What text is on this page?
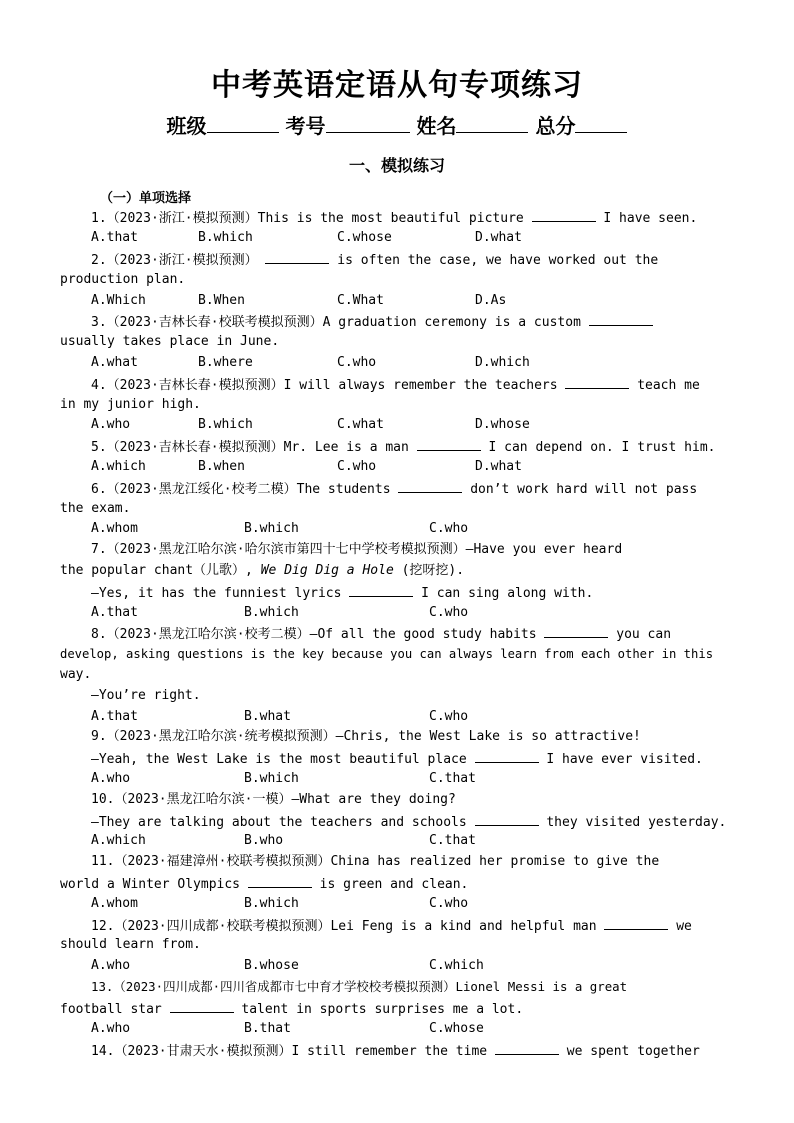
中考英语定语从句专项练习
班级	考号	姓名	总分
一、模拟练习
（一）单项选择
1.（2023·浙江·模拟预测）This is the most beautiful picture	I have seen.
A.that	B.which	C.whose	D.what
2.（2023·浙江·模拟预测）	is often the case, we have worked out the
production plan.
A.Which	B.When	C.What	D.As
3.（2023·吉林长春·校联考模拟预测）A graduation ceremony is a custom
usually takes place in June.
A.what	B.where	C.who	D.which
4.（2023·吉林长春·模拟预测）I will always remember the teachers	teach me
in my junior high.
A.who	B.which	C.what	D.whose
5.（2023·吉林长春·模拟预测）Mr. Lee is a man	I can depend on. I trust him.
A.which	B.when	C.who	D.what
6.（2023·黑龙江绥化·校考二模）The students	don’t work hard will not pass
the exam.
A.whom	B.which	C.who
7.（2023·黑龙江哈尔滨·哈尔滨市第四十七中学校考模拟预测）—Have you ever heard
the popular chant（儿歌）, We Dig Dig a Hole (挖呀挖).
—Yes, it has the funniest lyrics	I can sing along with.
A.that	B.which	C.who
8.（2023·黑龙江哈尔滨·校考二模）—Of all the good study habits	you can
develop, asking questions is the key because you can always learn from each other in this
way.
—You’re right.
A.that	B.what	C.who
9.（2023·黑龙江哈尔滨·统考模拟预测）—Chris, the West Lake is so attractive!
—Yeah, the West Lake is the most beautiful place	I have ever visited.
A.who	B.which	C.that
10.（2023·黑龙江哈尔滨·一模）—What are they doing?
—They are talking about the teachers and schools	they visited yesterday.
A.which	B.who	C.that
11.（2023·福建漳州·校联考模拟预测）China has realized her promise to give the
world a Winter Olympics	is green and clean.
A.whom	B.which	C.who
12.（2023·四川成都·校联考模拟预测）Lei Feng is a kind and helpful man	we
should learn from.
A.who	B.whose	C.which
13.（2023·四川成都·四川省成都市七中育才学校校考模拟预测）Lionel Messi is a great
football star	talent in sports surprises me a lot.
A.who	B.that	C.whose
14.（2023·甘肃天水·模拟预测）I still remember the time	we spent together
